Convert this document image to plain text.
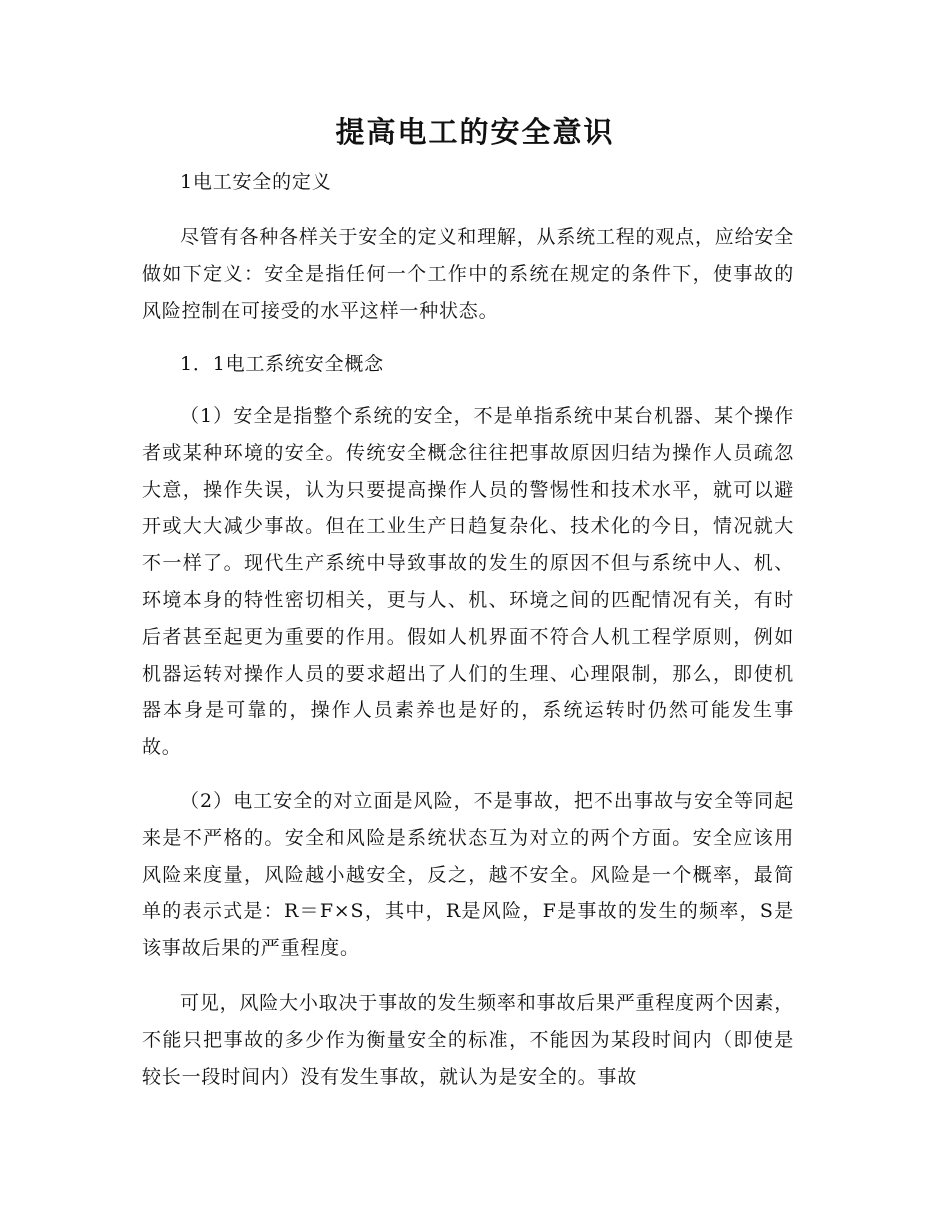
提高电工的安全意识

1电工安全的定义

尽管有各种各样关于安全的定义和理解，从系统工程的观点，应给安全做如下定义：安全是指任何一个工作中的系统在规定的条件下，使事故的风险控制在可接受的水平这样一种状态。

1．1电工系统安全概念

（1）安全是指整个系统的安全，不是单指系统中某台机器、某个操作者或某种环境的安全。传统安全概念往往把事故原因归结为操作人员疏忽大意，操作失误，认为只要提高操作人员的警惕性和技术水平，就可以避开或大大减少事故。但在工业生产日趋复杂化、技术化的今日，情况就大不一样了。现代生产系统中导致事故的发生的原因不但与系统中人、机、环境本身的特性密切相关，更与人、机、环境之间的匹配情况有关，有时后者甚至起更为重要的作用。假如人机界面不符合人机工程学原则，例如机器运转对操作人员的要求超出了人们的生理、心理限制，那么，即使机器本身是可靠的，操作人员素养也是好的，系统运转时仍然可能发生事故。

（2）电工安全的对立面是风险，不是事故，把不出事故与安全等同起来是不严格的。安全和风险是系统状态互为对立的两个方面。安全应该用风险来度量，风险越小越安全，反之，越不安全。风险是一个概率，最简单的表示式是：R＝F×S，其中，R是风险，F是事故的发生的频率，S是该事故后果的严重程度。

可见，风险大小取决于事故的发生频率和事故后果严重程度两个因素，不能只把事故的多少作为衡量安全的标准，不能因为某段时间内（即使是较长一段时间内）没有发生事故，就认为是安全的。事故
